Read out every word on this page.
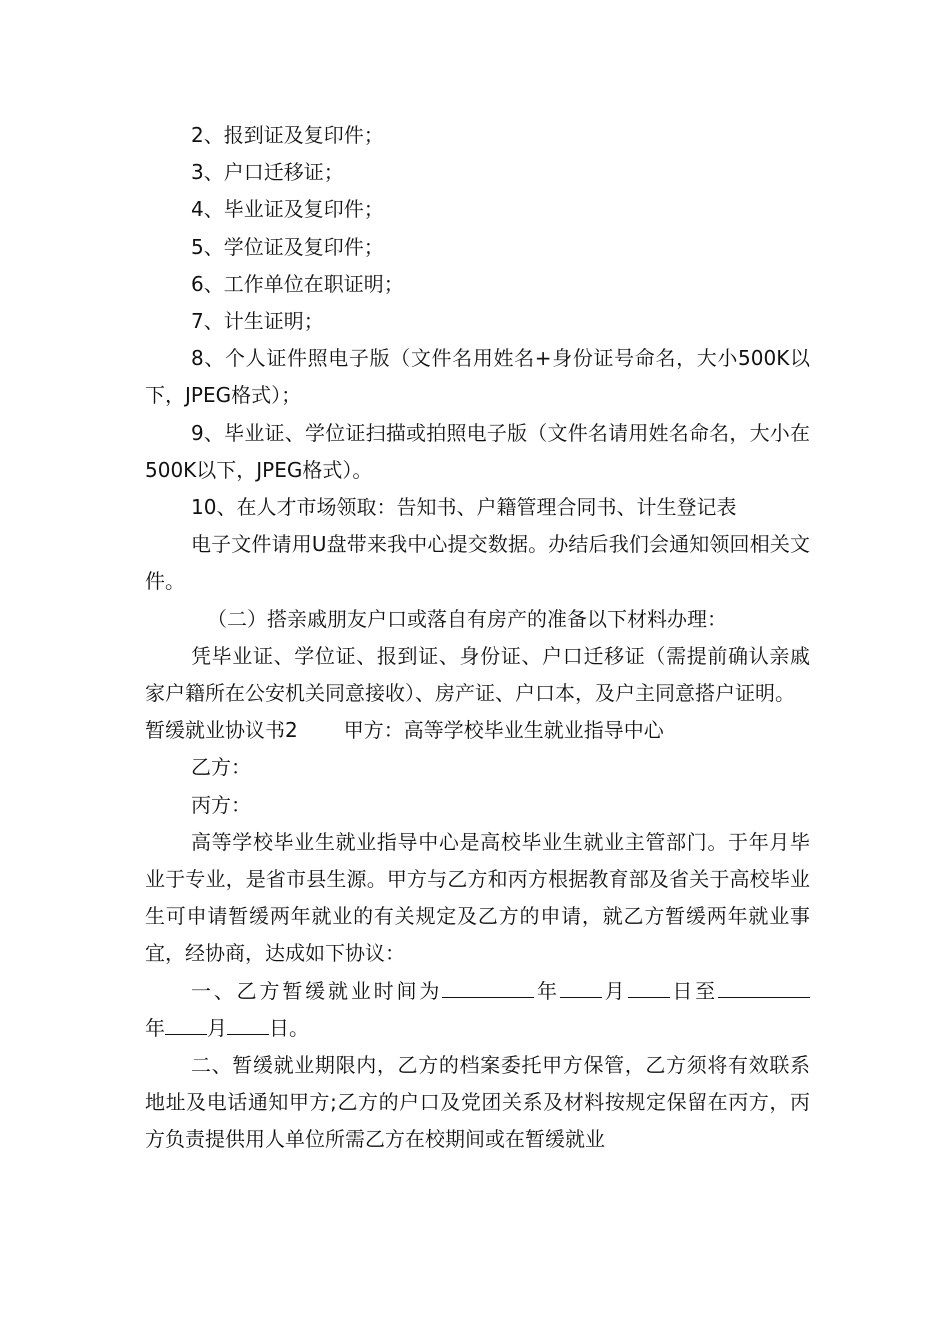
2、报到证及复印件；

3、户口迁移证；

4、毕业证及复印件；

5、学位证及复印件；

6、工作单位在职证明；

7、计生证明；

8、个人证件照电子版（文件名用姓名+身份证号命名，大小500K以下，JPEG格式）；

9、毕业证、学位证扫描或拍照电子版（文件名请用姓名命名，大小在500K以下，JPEG格式）。

10、在人才市场领取：告知书、户籍管理合同书、计生登记表

电子文件请用U盘带来我中心提交数据。办结后我们会通知领回相关文件。

（二）搭亲戚朋友户口或落自有房产的准备以下材料办理：

凭毕业证、学位证、报到证、身份证、户口迁移证（需提前确认亲戚家户籍所在公安机关同意接收）、房产证、户口本，及户主同意搭户证明。

暂缓就业协议书2 甲方：高等学校毕业生就业指导中心

乙方：

丙方：

高等学校毕业生就业指导中心是高校毕业生就业主管部门。于年月毕业于专业，是省市县生源。甲方与乙方和丙方根据教育部及省关于高校毕业生可申请暂缓两年就业的有关规定及乙方的申请，就乙方暂缓两年就业事宜，经协商，达成如下协议：

一、乙方暂缓就业时间为	年 月 日至

年 月 日。

二、暂缓就业期限内，乙方的档案委托甲方保管，乙方须将有效联系地址及电话通知甲方;乙方的户口及党团关系及材料按规定保留在丙方，丙方负责提供用人单位所需乙方在校期间或在暂缓就业
